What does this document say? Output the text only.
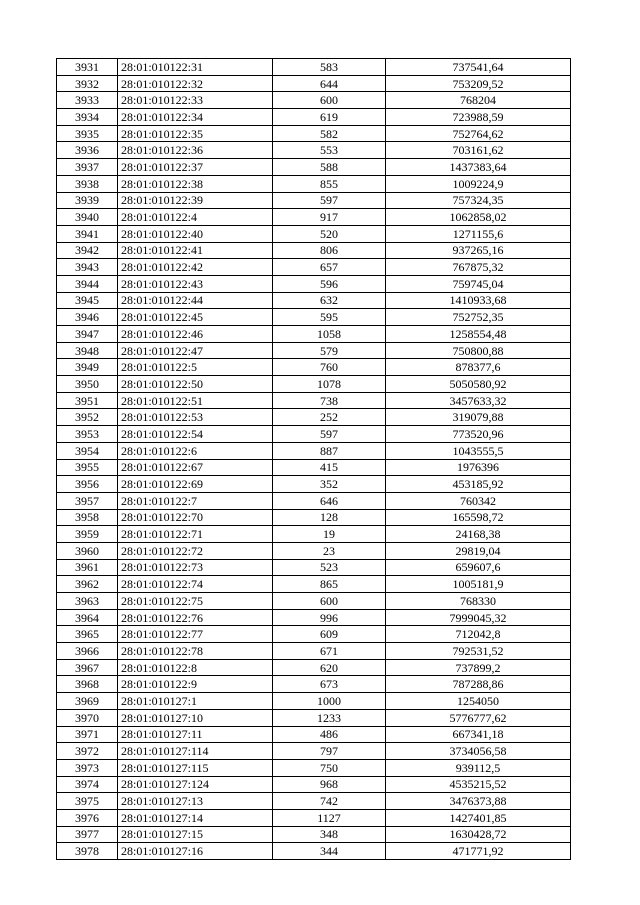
3931	28:01:010122:31	583	737541,64
3932	28:01:010122:32	644	753209,52
3933	28:01:010122:33	600	768204
3934	28:01:010122:34	619	723988,59
3935	28:01:010122:35	582	752764,62
3936	28:01:010122:36	553	703161,62
3937	28:01:010122:37	588	1437383,64
3938	28:01:010122:38	855	1009224,9
3939	28:01:010122:39	597	757324,35
3940	28:01:010122:4	917	1062858,02
3941	28:01:010122:40	520	1271155,6
3942	28:01:010122:41	806	937265,16
3943	28:01:010122:42	657	767875,32
3944	28:01:010122:43	596	759745,04
3945	28:01:010122:44	632	1410933,68
3946	28:01:010122:45	595	752752,35
3947	28:01:010122:46	1058	1258554,48
3948	28:01:010122:47	579	750800,88
3949	28:01:010122:5	760	878377,6
3950	28:01:010122:50	1078	5050580,92
3951	28:01:010122:51	738	3457633,32
3952	28:01:010122:53	252	319079,88
3953	28:01:010122:54	597	773520,96
3954	28:01:010122:6	887	1043555,5
3955	28:01:010122:67	415	1976396
3956	28:01:010122:69	352	453185,92
3957	28:01:010122:7	646	760342
3958	28:01:010122:70	128	165598,72
3959	28:01:010122:71	19	24168,38
3960	28:01:010122:72	23	29819,04
3961	28:01:010122:73	523	659607,6
3962	28:01:010122:74	865	1005181,9
3963	28:01:010122:75	600	768330
3964	28:01:010122:76	996	7999045,32
3965	28:01:010122:77	609	712042,8
3966	28:01:010122:78	671	792531,52
3967	28:01:010122:8	620	737899,2
3968	28:01:010122:9	673	787288,86
3969	28:01:010127:1	1000	1254050
3970	28:01:010127:10	1233	5776777,62
3971	28:01:010127:11	486	667341,18
3972	28:01:010127:114	797	3734056,58
3973	28:01:010127:115	750	939112,5
3974	28:01:010127:124	968	4535215,52
3975	28:01:010127:13	742	3476373,88
3976	28:01:010127:14	1127	1427401,85
3977	28:01:010127:15	348	1630428,72
3978	28:01:010127:16	344	471771,92
